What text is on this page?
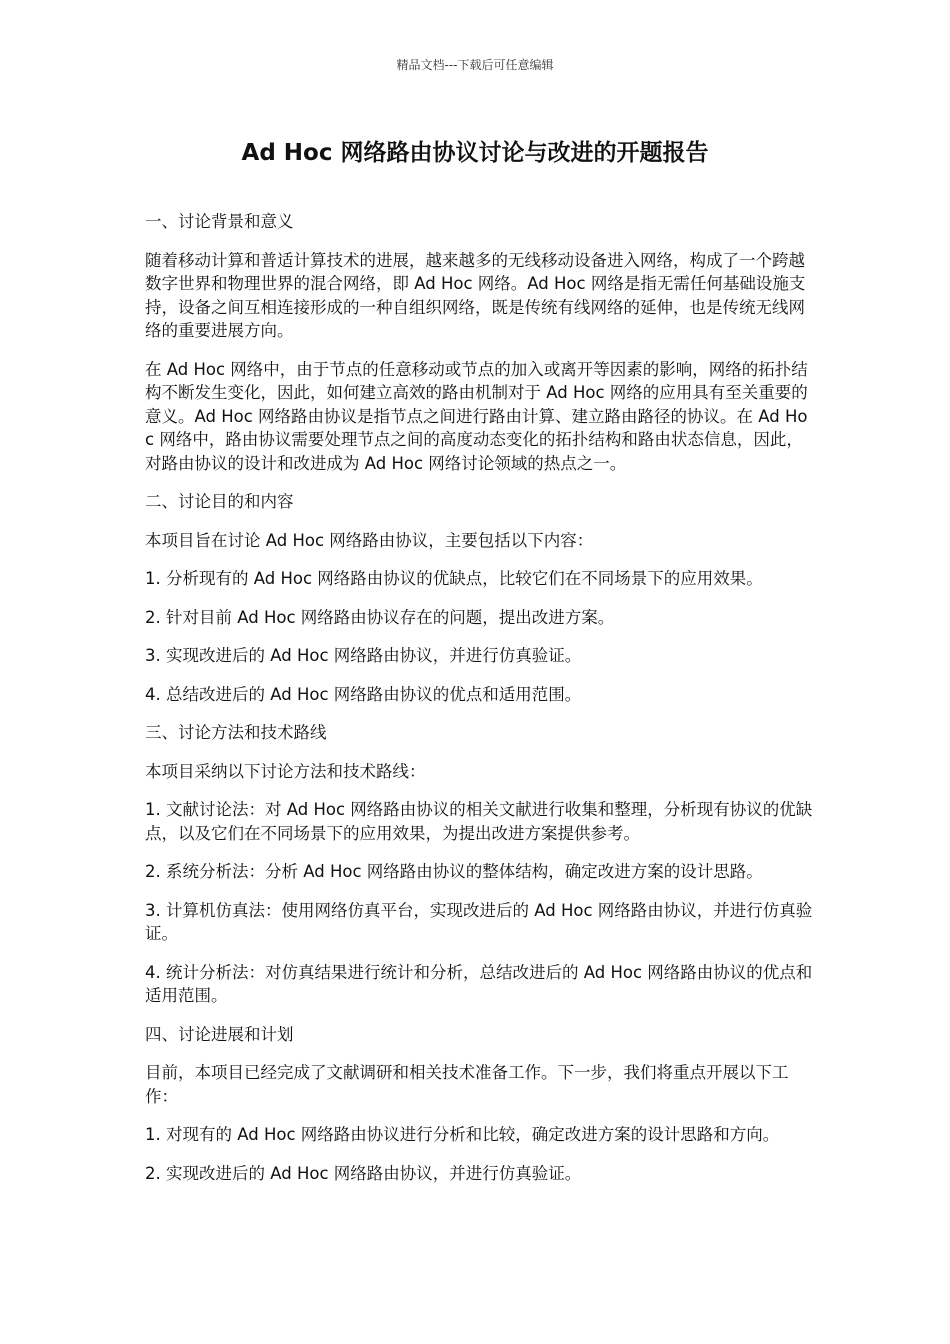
精品文档---下载后可任意编辑
Ad Hoc 网络路由协议讨论与改进的开题报告

一、讨论背景和意义

随着移动计算和普适计算技术的进展，越来越多的无线移动设备进入网络，构成了一个跨越数字世界和物理世界的混合网络，即 Ad Hoc 网络。Ad Hoc 网络是指无需任何基础设施支持，设备之间互相连接形成的一种自组织网络，既是传统有线网络的延伸，也是传统无线网络的重要进展方向。

在 Ad Hoc 网络中，由于节点的任意移动或节点的加入或离开等因素的影响，网络的拓扑结构不断发生变化，因此，如何建立高效的路由机制对于 Ad Hoc 网络的应用具有至关重要的意义。Ad Hoc 网络路由协议是指节点之间进行路由计算、建立路由路径的协议。在 Ad Hoc 网络中，路由协议需要处理节点之间的高度动态变化的拓扑结构和路由状态信息，因此，对路由协议的设计和改进成为 Ad Hoc 网络讨论领域的热点之一。

二、讨论目的和内容

本项目旨在讨论 Ad Hoc 网络路由协议，主要包括以下内容：

1. 分析现有的 Ad Hoc 网络路由协议的优缺点，比较它们在不同场景下的应用效果。

2. 针对目前 Ad Hoc 网络路由协议存在的问题，提出改进方案。

3. 实现改进后的 Ad Hoc 网络路由协议，并进行仿真验证。

4. 总结改进后的 Ad Hoc 网络路由协议的优点和适用范围。

三、讨论方法和技术路线

本项目采纳以下讨论方法和技术路线：

1. 文献讨论法：对 Ad Hoc 网络路由协议的相关文献进行收集和整理，分析现有协议的优缺点，以及它们在不同场景下的应用效果，为提出改进方案提供参考。

2. 系统分析法：分析 Ad Hoc 网络路由协议的整体结构，确定改进方案的设计思路。

3. 计算机仿真法：使用网络仿真平台，实现改进后的 Ad Hoc 网络路由协议，并进行仿真验证。

4. 统计分析法：对仿真结果进行统计和分析，总结改进后的 Ad Hoc 网络路由协议的优点和适用范围。

四、讨论进展和计划

目前，本项目已经完成了文献调研和相关技术准备工作。下一步，我们将重点开展以下工作：

1. 对现有的 Ad Hoc 网络路由协议进行分析和比较，确定改进方案的设计思路和方向。

2. 实现改进后的 Ad Hoc 网络路由协议，并进行仿真验证。
